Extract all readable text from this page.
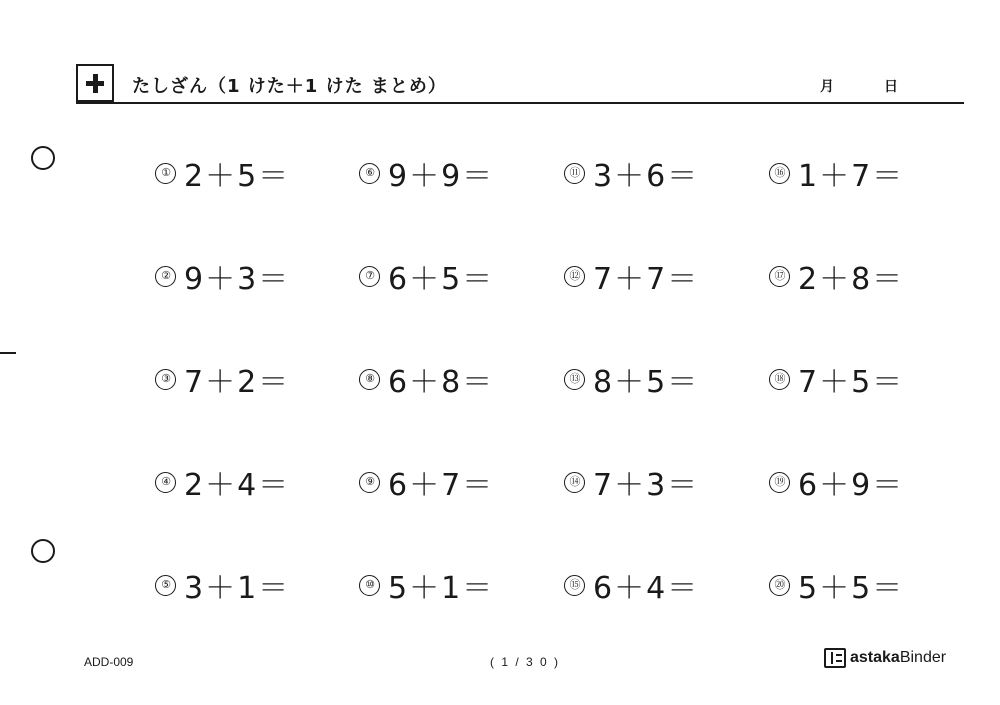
たしざん（1 けた＋1 けた まとめ）	月	日
① 2＋5＝
② 9＋3＝
③ 7＋2＝
④ 2＋4＝
⑤ 3＋1＝
⑥ 9＋9＝
⑦ 6＋5＝
⑧ 6＋8＝
⑨ 6＋7＝
⑩ 5＋1＝
⑪ 3＋6＝
⑫ 7＋7＝
⑬ 8＋5＝
⑭ 7＋3＝
⑮ 6＋4＝
⑯ 1＋7＝
⑰ 2＋8＝
⑱ 7＋5＝
⑲ 6＋9＝
⑳ 5＋5＝
ADD-009	( 1 / 3 0 )	astakaBinder
